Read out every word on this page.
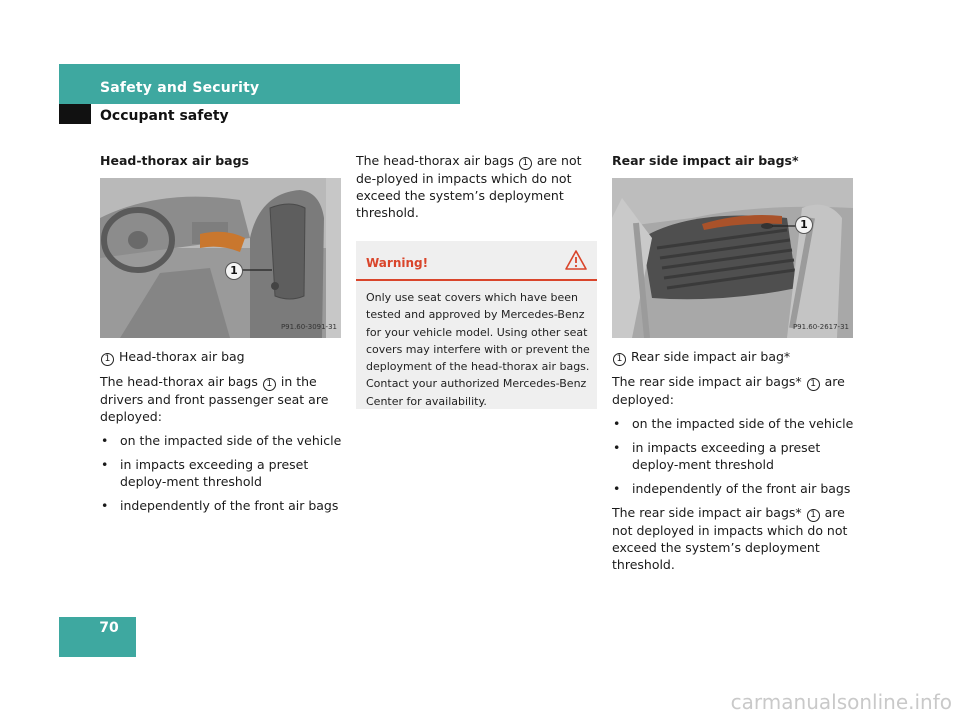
Safety and Security
Occupant safety
Head-thorax air bags
1
P91.60-3091-31
1 Head-thorax air bag
The head-thorax air bags 1 in the drivers and front passenger seat are deployed:
• on the impacted side of the vehicle
• in impacts exceeding a preset deploy-ment threshold
• independently of the front air bags
The head-thorax air bags 1 are not de-ployed in impacts which do not exceed the system’s deployment threshold.
Warning!
Only use seat covers which have been tested and approved by Mercedes-Benz for your vehicle model. Using other seat covers may interfere with or prevent the deployment of the head-thorax air bags. Contact your authorized Mercedes-Benz Center for availability.
Rear side impact air bags*
1
P91.60-2617-31
1 Rear side impact air bag*
The rear side impact air bags* 1 are deployed:
• on the impacted side of the vehicle
• in impacts exceeding a preset deploy-ment threshold
• independently of the front air bags
The rear side impact air bags* 1 are not deployed in impacts which do not exceed the system’s deployment threshold.
70
carmanualsonline.info
